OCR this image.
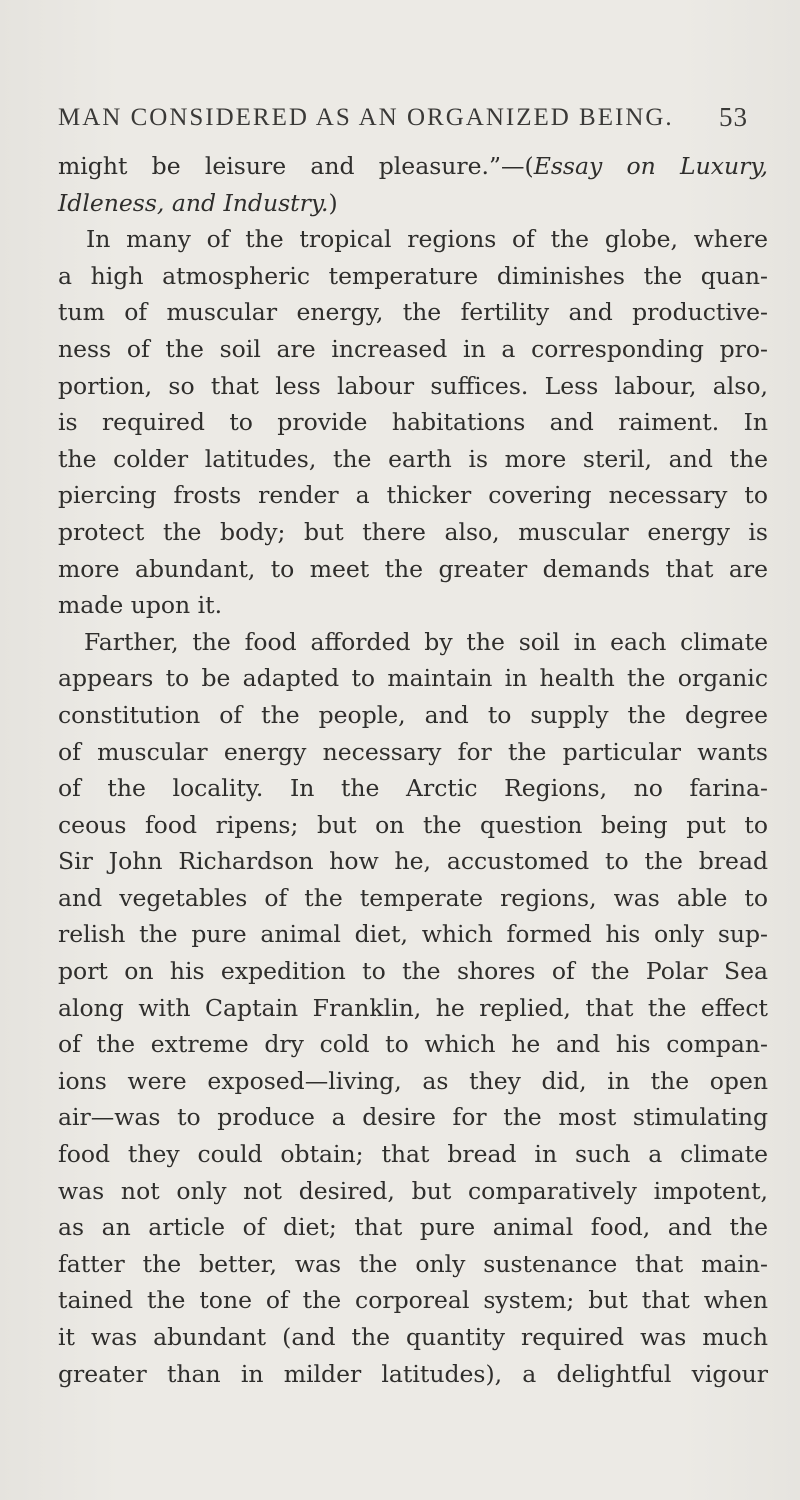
MAN CONSIDERED AS AN ORGANIZED BEING. 53
might be leisure and pleasure.”—(Essay on Luxury,
Idleness, and Industry.)
In many of the tropical regions of the globe, where
a high atmospheric temperature diminishes the quan-
tum of muscular energy, the fertility and productive-
ness of the soil are increased in a corresponding pro-
portion, so that less labour suffices. Less labour, also,
is required to provide habitations and raiment. In
the colder latitudes, the earth is more steril, and the
piercing frosts render a thicker covering necessary to
protect the body; but there also, muscular energy is
more abundant, to meet the greater demands that are
made upon it.
Farther, the food afforded by the soil in each climate
appears to be adapted to maintain in health the organic
constitution of the people, and to supply the degree
of muscular energy necessary for the particular wants
of the locality. In the Arctic Regions, no farina-
ceous food ripens; but on the question being put to
Sir John Richardson how he, accustomed to the bread
and vegetables of the temperate regions, was able to
relish the pure animal diet, which formed his only sup-
port on his expedition to the shores of the Polar Sea
along with Captain Franklin, he replied, that the effect
of the extreme dry cold to which he and his compan-
ions were exposed—living, as they did, in the open
air—was to produce a desire for the most stimulating
food they could obtain; that bread in such a climate
was not only not desired, but comparatively impotent,
as an article of diet; that pure animal food, and the
fatter the better, was the only sustenance that main-
tained the tone of the corporeal system; but that when
it was abundant (and the quantity required was much
greater than in milder latitudes), a delightful vigour
